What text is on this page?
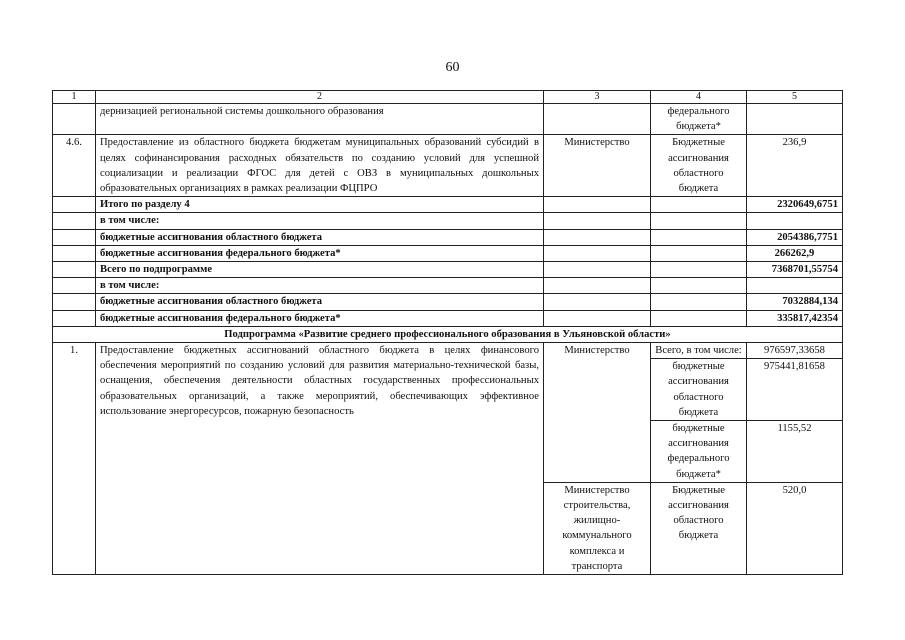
60
1	2	3	4	5
	дернизацией региональной системы дошкольного образования		федерального бюджета*	
4.6.	Предоставление из областного бюджета бюджетам муниципальных образований субсидий в целях софинансирования расходных обязательств по созданию условий для успешной социализации и реализации ФГОС для детей с ОВЗ в муниципальных дошкольных образовательных организациях в рамках реализации ФЦПРО	Министерство	Бюджетные ассигнования областного бюджета	236,9
	Итого по разделу 4			2320649,6751
	в том числе:			
	бюджетные ассигнования областного бюджета			2054386,7751
	бюджетные ассигнования федерального бюджета*			266262,9
	Всего по подпрограмме			7368701,55754
	в том числе:			
	бюджетные ассигнования областного бюджета			7032884,134
	бюджетные ассигнования федерального бюджета*			335817,42354
Подпрограмма «Развитие среднего профессионального образования в Ульяновской области»				
1.	Предоставление бюджетных ассигнований областного бюджета в целях финансового обеспечения мероприятий по созданию условий для развития материально-технической базы, оснащения, обеспечения деятельности областных государственных профессиональных образовательных организаций, а также мероприятий, обеспечивающих эффективное использование энергоресурсов, пожарную безопасность	Министерство	Всего, в том числе:	976597,33658
			бюджетные ассигнования областного бюджета	975441,81658
			бюджетные ассигнования федерального бюджета*	1155,52
		Министерство строительства, жилищно-коммунального комплекса и транспорта	Бюджетные ассигнования областного бюджета	520,0
